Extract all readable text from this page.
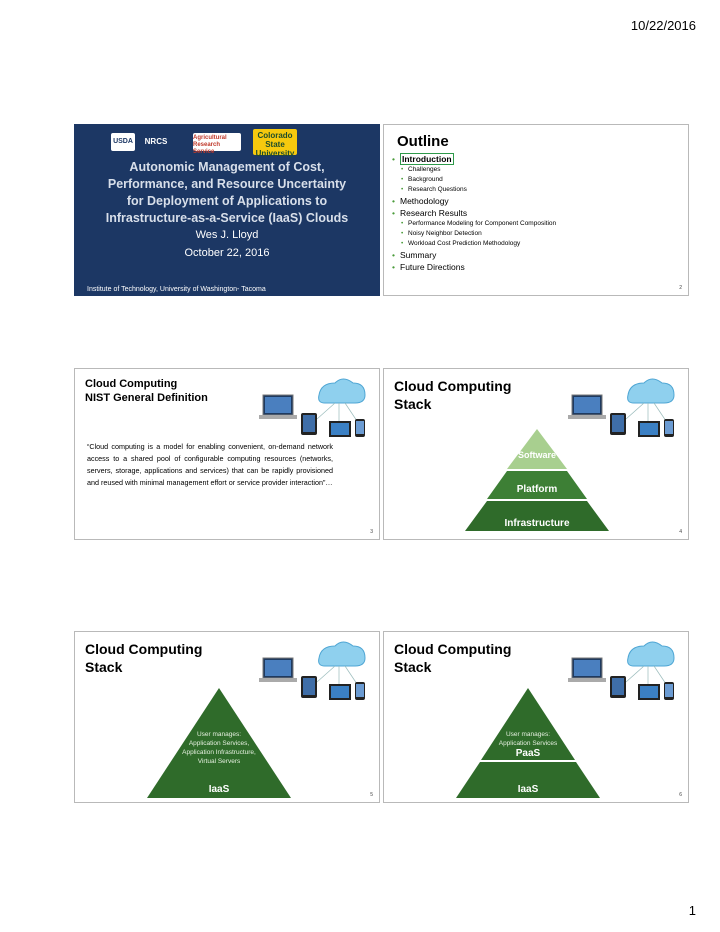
10/22/2016
USDA	NRCS	Agricultural Research Service
Colorado State University
Autonomic Management of Cost,
Performance, and Resource Uncertainty
for Deployment of Applications to
Infrastructure-as-a-Service (IaaS) Clouds
Wes J. Lloyd
October 22, 2016
Institute of Technology, University of Washington- Tacoma
Outline
• Introduction
• Challenges
• Background
• Research Questions
• Methodology
• Research Results
• Performance Modeling for Component Composition
• Noisy Neighbor Detection
• Workload Cost Prediction Methodology
• Summary
• Future Directions
2
Cloud Computing
NIST General Definition
“Cloud computing is a model for enabling convenient, on-demand network access to a shared pool of configurable computing resources (networks, servers, storage, applications and services) that can be rapidly provisioned and reused with minimal management effort or service provider interaction”…
3
Cloud Computing
Stack
Software
Platform
Infrastructure
4
Cloud Computing
Stack
User manages:
Application Services,
Application Infrastructure,
Virtual Servers
IaaS	5
Cloud Computing
Stack
User manages:
Application Services
PaaS
IaaS	6
1
